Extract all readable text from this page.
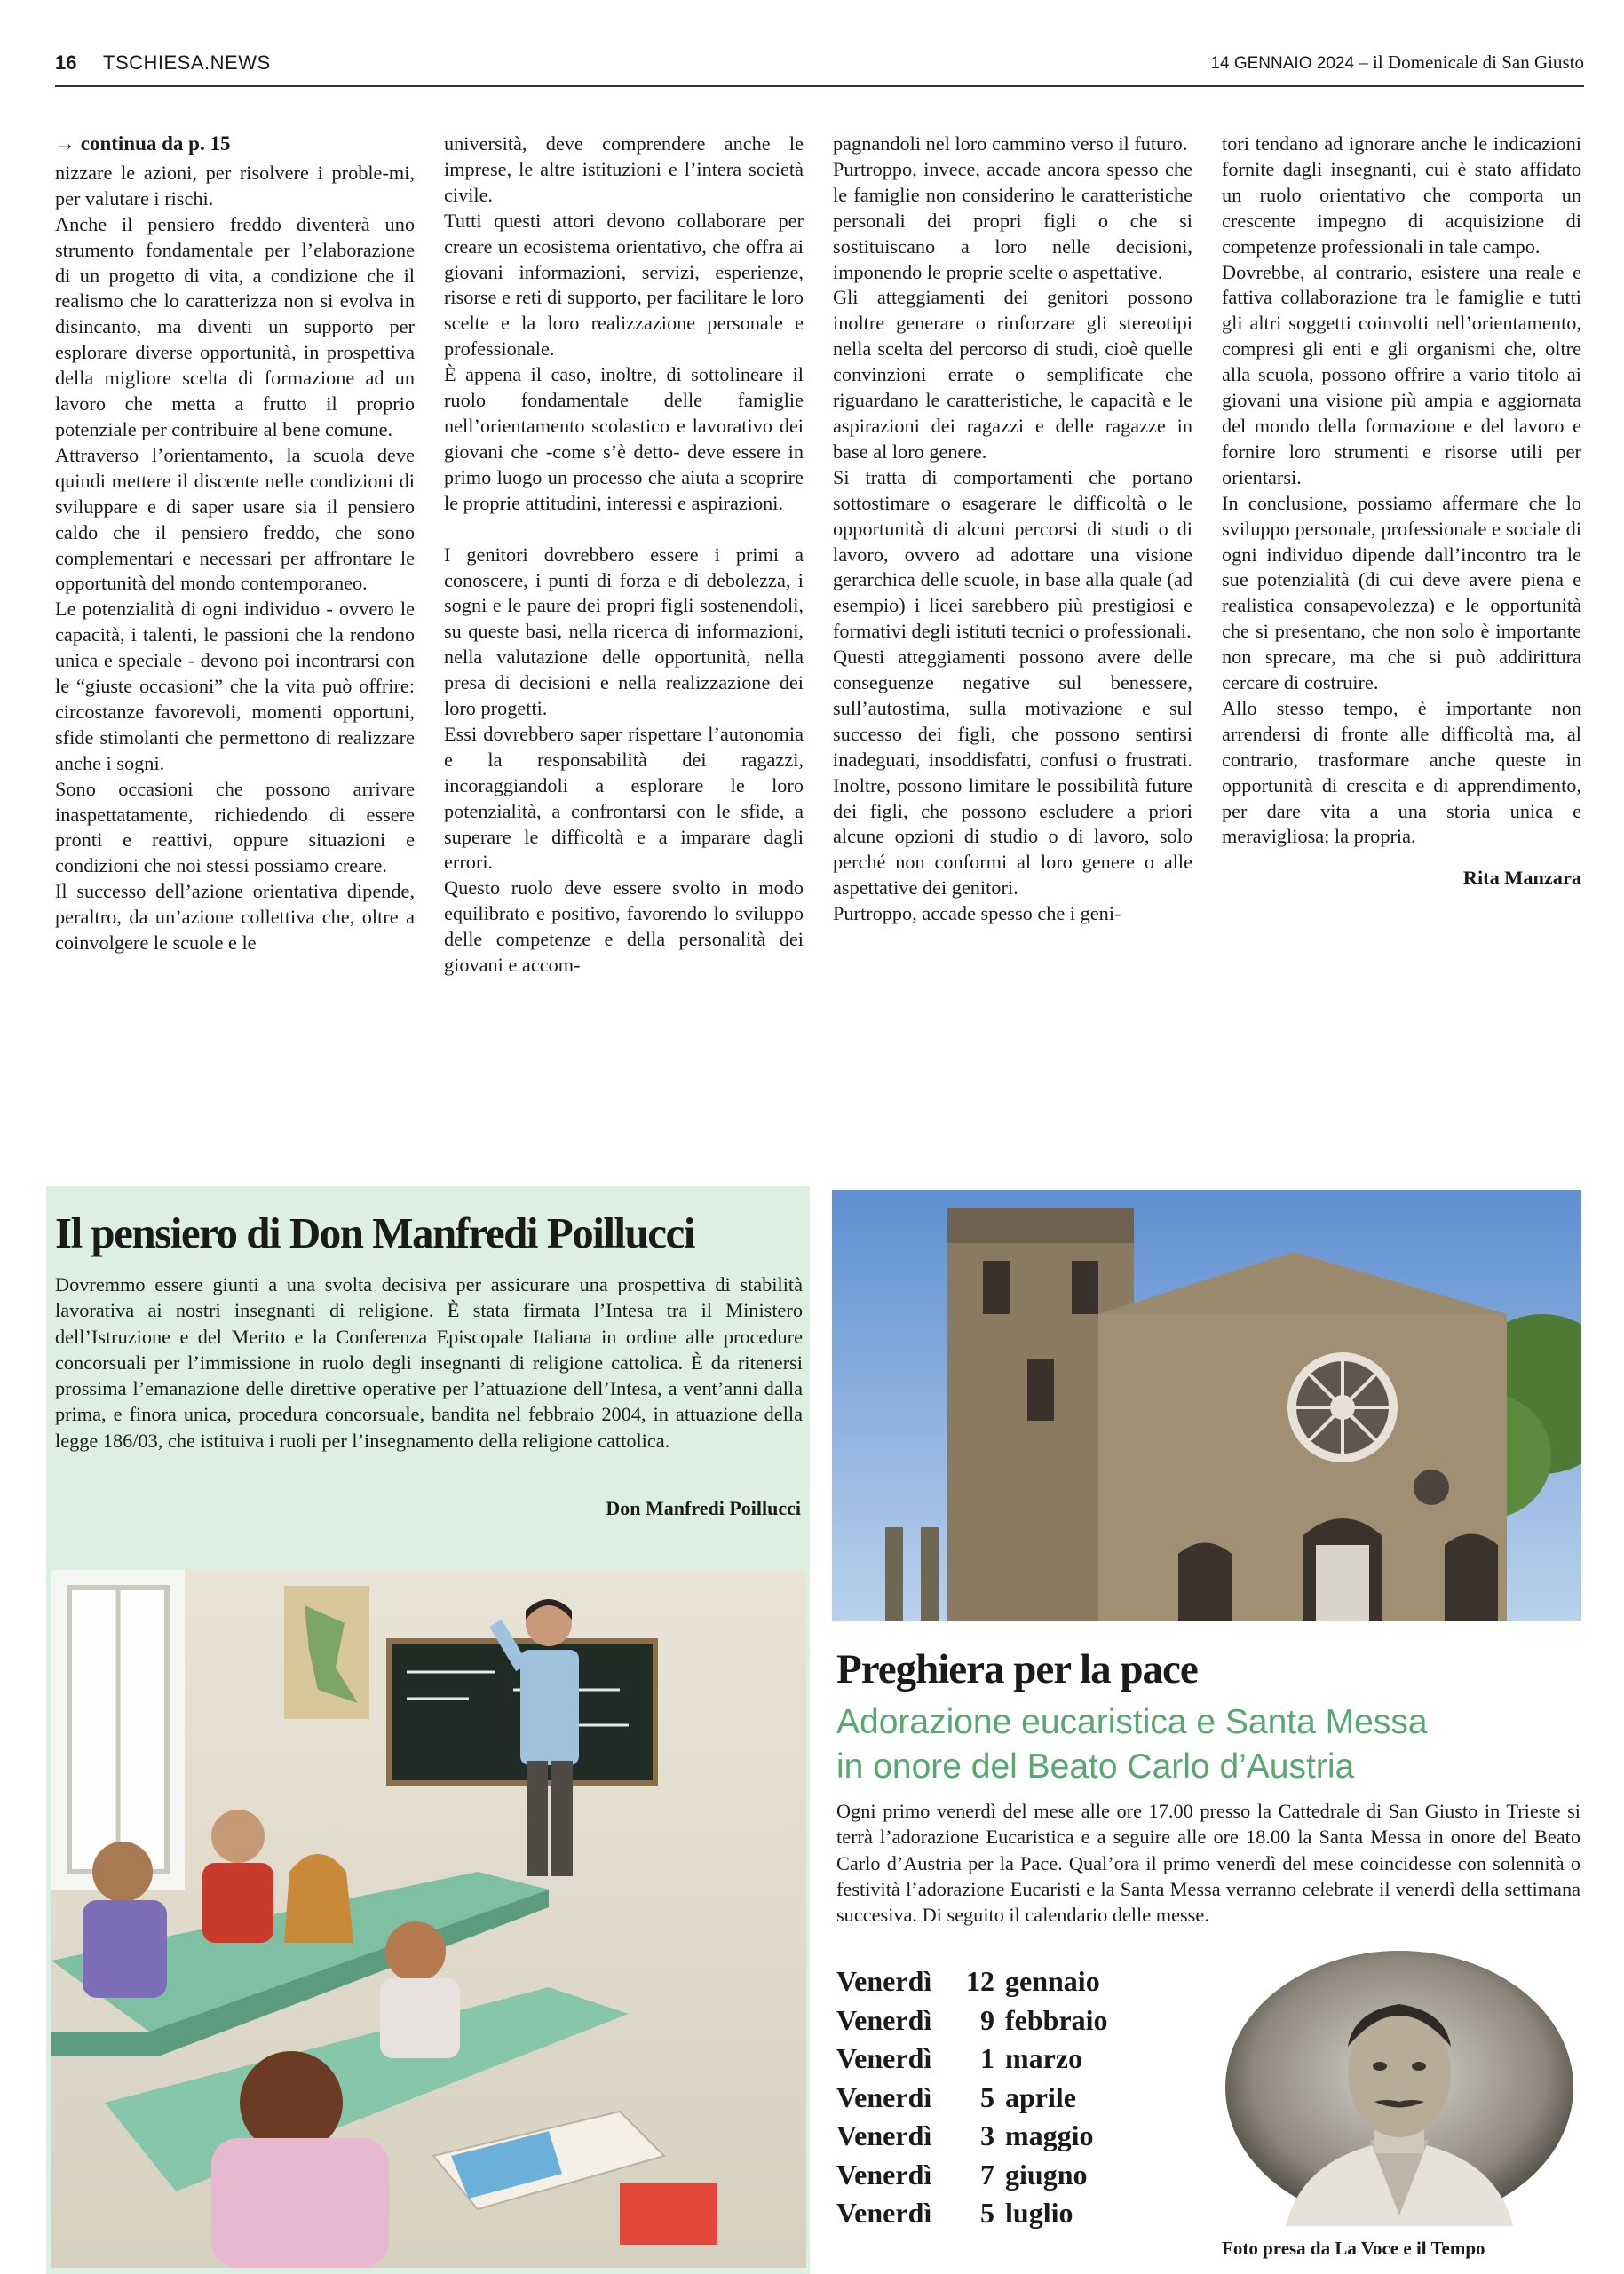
16 TSCHIESA.NEWS	14 GENNAIO 2024 – il Domenicale di San Giusto

→ continua da p. 15

nizzare le azioni, per risolvere i proble-mi, per valutare i rischi.

Anche il pensiero freddo diventerà uno strumento fondamentale per l’elaborazione di un progetto di vita, a condizione che il realismo che lo caratterizza non si evolva in disincanto, ma diventi un supporto per esplorare diverse opportunità, in prospettiva della migliore scelta di formazione ad un lavoro che metta a frutto il proprio potenziale per contribuire al bene comune.

Attraverso l’orientamento, la scuola deve quindi mettere il discente nelle condizioni di sviluppare e di saper usare sia il pensiero caldo che il pensiero freddo, che sono complementari e necessari per affrontare le opportunità del mondo contemporaneo.

Le potenzialità di ogni individuo - ovvero le capacità, i talenti, le passioni che la rendono unica e speciale - devono poi incontrarsi con le “giuste occasioni” che la vita può offrire: circostanze favorevoli, momenti opportuni, sfide stimolanti che permettono di realizzare anche i sogni.

Sono occasioni che possono arrivare inaspettatamente, richiedendo di essere pronti e reattivi, oppure situazioni e condizioni che noi stessi possiamo creare.

Il successo dell’azione orientativa dipende, peraltro, da un’azione collettiva che, oltre a coinvolgere le scuole e le

università, deve comprendere anche le imprese, le altre istituzioni e l’intera società civile.

Tutti questi attori devono collaborare per creare un ecosistema orientativo, che offra ai giovani informazioni, servizi, esperienze, risorse e reti di supporto, per facilitare le loro scelte e la loro realizzazione personale e professionale.

È appena il caso, inoltre, di sottolineare il ruolo fondamentale delle famiglie nell’orientamento scolastico e lavorativo dei giovani che -come s’è detto- deve essere in primo luogo un processo che aiuta a scoprire le proprie attitudini, interessi e aspirazioni.

I genitori dovrebbero essere i primi a conoscere, i punti di forza e di debolezza, i sogni e le paure dei propri figli sostenendoli, su queste basi, nella ricerca di informazioni, nella valutazione delle opportunità, nella presa di decisioni e nella realizzazione dei loro progetti.

Essi dovrebbero saper rispettare l’autonomia e la responsabilità dei ragazzi, incoraggiandoli a esplorare le loro potenzialità, a confrontarsi con le sfide, a superare le difficoltà e a imparare dagli errori.

Questo ruolo deve essere svolto in modo equilibrato e positivo, favorendo lo sviluppo delle competenze e della personalità dei giovani e accom-

pagnandoli nel loro cammino verso il futuro.

Purtroppo, invece, accade ancora spesso che le famiglie non considerino le caratteristiche personali dei propri figli o che si sostituiscano a loro nelle decisioni, imponendo le proprie scelte o aspettative.

Gli atteggiamenti dei genitori possono inoltre generare o rinforzare gli stereotipi nella scelta del percorso di studi, cioè quelle convinzioni errate o semplificate che riguardano le caratteristiche, le capacità e le aspirazioni dei ragazzi e delle ragazze in base al loro genere.

Si tratta di comportamenti che portano sottostimare o esagerare le difficoltà o le opportunità di alcuni percorsi di studi o di lavoro, ovvero ad adottare una visione gerarchica delle scuole, in base alla quale (ad esempio) i licei sarebbero più prestigiosi e formativi degli istituti tecnici o professionali.

Questi atteggiamenti possono avere delle conseguenze negative sul benessere, sull’autostima, sulla motivazione e sul successo dei figli, che possono sentirsi inadeguati, insoddisfatti, confusi o frustrati. Inoltre, possono limitare le possibilità future dei figli, che possono escludere a priori alcune opzioni di studio o di lavoro, solo perché non conformi al loro genere o alle aspettative dei genitori.

Purtroppo, accade spesso che i geni-

tori tendano ad ignorare anche le indicazioni fornite dagli insegnanti, cui è stato affidato un ruolo orientativo che comporta un crescente impegno di acquisizione di competenze professionali in tale campo.

Dovrebbe, al contrario, esistere una reale e fattiva collaborazione tra le famiglie e tutti gli altri soggetti coinvolti nell’orientamento, compresi gli enti e gli organismi che, oltre alla scuola, possono offrire a vario titolo ai giovani una visione più ampia e aggiornata del mondo della formazione e del lavoro e fornire loro strumenti e risorse utili per orientarsi.

In conclusione, possiamo affermare che lo sviluppo personale, professionale e sociale di ogni individuo dipende dall’incontro tra le sue potenzialità (di cui deve avere piena e realistica consapevolezza) e le opportunità che si presentano, che non solo è importante non sprecare, ma che si può addirittura cercare di costruire.

Allo stesso tempo, è importante non arrendersi di fronte alle difficoltà ma, al contrario, trasformare anche queste in opportunità di crescita e di apprendimento, per dare vita a una storia unica e meravigliosa: la propria.

Rita Manzara

Il pensiero di Don Manfredi Poillucci

Dovremmo essere giunti a una svolta decisiva per assicurare una prospettiva di stabilità lavorativa ai nostri insegnanti di religione. È stata firmata l’Intesa tra il Ministero dell’Istruzione e del Merito e la Conferenza Episcopale Italiana in ordine alle procedure concorsuali per l’immissione in ruolo degli insegnanti di religione cattolica. È da ritenersi prossima l’emanazione delle direttive operative per l’attuazione dell’Intesa, a vent’anni dalla prima, e finora unica, procedura concorsuale, bandita nel febbraio 2004, in attuazione della legge 186/03, che istituiva i ruoli per l’insegnamento della religione cattolica.

Don Manfredi Poillucci

Preghiera per la pace
Adorazione eucaristica e Santa Messa
in onore del Beato Carlo d’Austria

Ogni primo venerdì del mese alle ore 17.00 presso la Cattedrale di San Giusto in Trieste si terrà l’adorazione Eucaristica e a seguire alle ore 18.00 la Santa Messa in onore del Beato Carlo d’Austria per la Pace. Qual’ora il primo venerdì del mese coincidesse con solennità o festività l’adorazione Eucaristi e la Santa Messa verranno celebrate il venerdì della settimana succesiva. Di seguito il calendario delle messe.

Venerdì 12 gennaio
Venerdì 9 febbraio
Venerdì 1 marzo
Venerdì 5 aprile
Venerdì 3 maggio
Venerdì 7 giugno
Venerdì 5 luglio

Foto presa da La Voce e il Tempo
